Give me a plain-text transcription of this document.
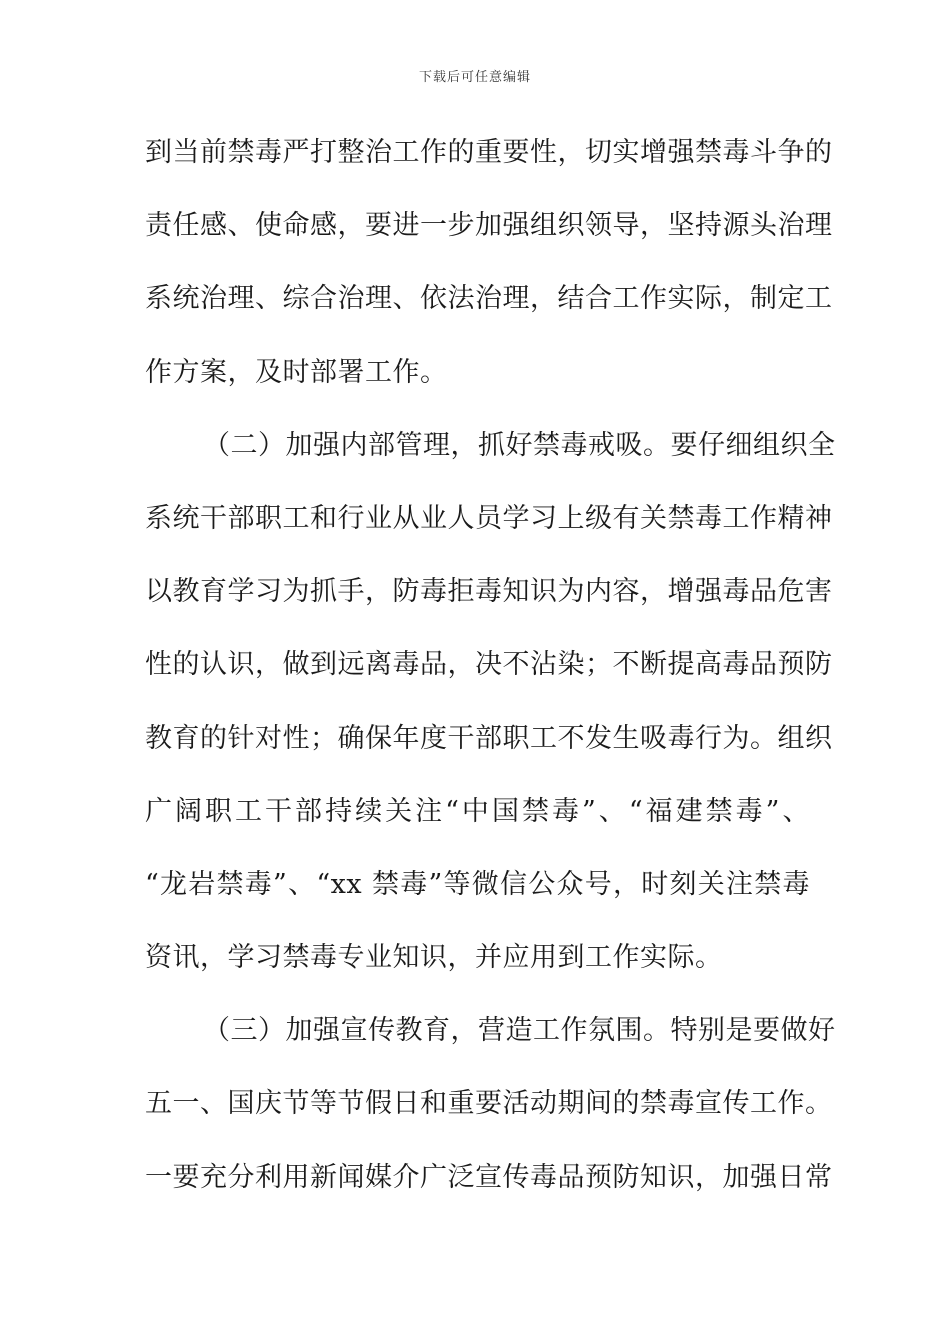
下载后可任意编辑
到当前禁毒严打整治工作的重要性，切实增强禁毒斗争的
责任感、使命感，要进一步加强组织领导，坚持源头治理
系统治理、综合治理、依法治理，结合工作实际，制定工
作方案，及时部署工作。
（二）加强内部管理，抓好禁毒戒吸。要仔细组织全
系统干部职工和行业从业人员学习上级有关禁毒工作精神
以教育学习为抓手，防毒拒毒知识为内容，增强毒品危害
性的认识，做到远离毒品，决不沾染；不断提高毒品预防
教育的针对性；确保年度干部职工不发生吸毒行为。组织
广阔职工干部持续关注“中国禁毒”、“福建禁毒”、
“龙岩禁毒”、“xx 禁毒”等微信公众号，时刻关注禁毒
资讯，学习禁毒专业知识，并应用到工作实际。
（三）加强宣传教育，营造工作氛围。特别是要做好
五一、国庆节等节假日和重要活动期间的禁毒宣传工作。
一要充分利用新闻媒介广泛宣传毒品预防知识，加强日常
